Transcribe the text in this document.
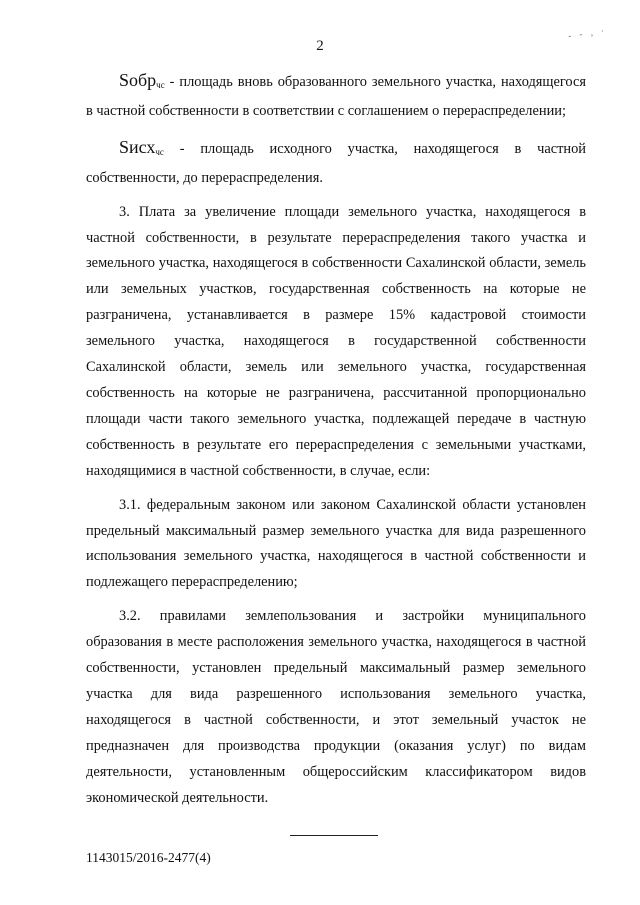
2
- - , ·

Sобр$_{чс}$ - площадь вновь образованного земельного участка, находящегося в частной собственности в соответствии с соглашением о перераспределении;

Sисх$_{чс}$ - площадь исходного участка, находящегося в частной собственности, до перераспределения.

3. Плата за увеличение площади земельного участка, находящегося в частной собственности, в результате перераспределения такого участка и земельного участка, находящегося в собственности Сахалинской области, земель или земельных участков, государственная собственность на которые не разграничена, устанавливается в размере 15% кадастровой стоимости земельного участка, находящегося в государственной собственности Сахалинской области, земель или земельного участка, государственная собственность на которые не разграничена, рассчитанной пропорционально площади части такого земельного участка, подлежащей передаче в частную собственность в результате его перераспределения с земельными участками, находящимися в частной собственности, в случае, если:

3.1. федеральным законом или законом Сахалинской области установлен предельный максимальный размер земельного участка для вида разрешенного использования земельного участка, находящегося в частной собственности и подлежащего перераспределению;

3.2. правилами землепользования и застройки муниципального образования в месте расположения земельного участка, находящегося в частной собственности, установлен предельный максимальный размер земельного участка для вида разрешенного использования земельного участка, находящегося в частной собственности, и этот земельный участок не предназначен для производства продукции (оказания услуг) по видам деятельности, установленным общероссийским классификатором видов экономической деятельности.

1143015/2016-2477(4)
